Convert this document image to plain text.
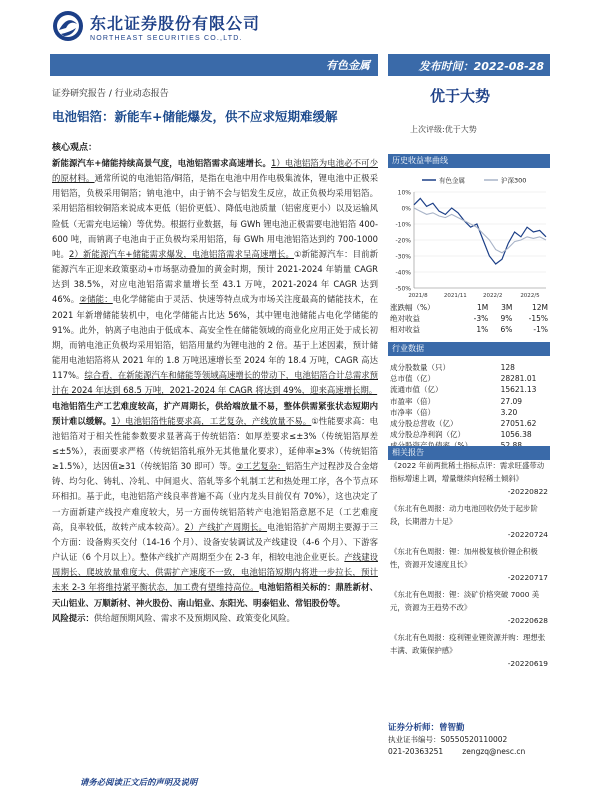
东北证券股份有限公司
NORTHEAST SECURITIES CO.,LTD.
有色金属	发布时间：2022-08-28
证券研究报告 / 行业动态报告
电池铝箔：新能车+储能爆发，供不应求短期难缓解
优于大势
上次评级:优于大势
核心观点：

新能源汽车+储能持续高景气度，电池铝箔需求高速增长。1）电池铝箔为电池必不可少的原材料。通常所说的电池铝箔/铜箔，是指在电池中用作电极集流体，锂电池中正极采用铝箔，负极采用铜箔；钠电池中，由于钠不会与铝发生反应，故正负极均采用铝箔。采用铝箔相较铜箔来说成本更低（铝价更低）、降低电池质量（铝密度更小）以及运输风险低（无需充电运输）等优势。根据行业数据，每 GWh 锂电池正极需要电池铝箔 400-600 吨，而钠离子电池由于正负极均采用铝箔，每 GWh 用电池铝箔达到约 700-1000 吨。2）新能源汽车+储能需求爆发，电池铝箔需求呈高速增长。①新能源汽车：目前新能源汽车正迎来政策驱动+市场驱动叠加的黄金时期，预计 2021-2024 年销量 CAGR 达到 38.5%，对应电池铝箔需求量增长至 43.1 万吨，2021-2024 年 CAGR 达到 46%。②储能：电化学储能由于灵活、快速等特点成为市场关注度最高的储能技术，在 2021 年新增储能装机中，电化学储能占比达 56%，其中锂电池储能占电化学储能的 91%。此外，钠离子电池由于低成本、高安全性在储能领域的商业化应用正处于成长初期，而钠电池正负极均采用铝箔，铝箔用量约为锂电池的 2 倍。基于上述因素，预计储能用电池铝箔将从 2021 年的 1.8 万吨迅速增长至 2024 年的 18.4 万吨，CAGR 高达 117%。综合看，在新能源汽车和储能等领域高速增长的带动下，电池铝箔合计总需求预计在 2024 年达到 68.5 万吨，2021-2024 年 CAGR 将达到 49%，迎来高速增长期。

电池铝箔生产工艺难度较高，扩产周期长，供给端放量不易，整体供需紧张状态短期内预计难以缓解。1）电池铝箔性能要求高，工艺复杂，产线放量不易。①性能要求高：电池铝箔对于相关性能参数要求显著高于传统铝箔：如厚差要求≤±3%（传统铝箔厚差≤±5%），表面要求严格（传统铝箔轧痕外无其他量化要求），延伸率≥3%（传统铝箔≥1.5%），达因值≥31（传统铝箔 30 即可）等。②工艺复杂：铝箔生产过程涉及合金熔铸、均匀化、铸轧、冷轧、中间退火、箔轧等多个轧制工艺和热处理工序，各个节点环环相扣。基于此，电池铝箔产线良率普遍不高（业内龙头目前仅有 70%），这也决定了一方面新建产线投产难度较大，另一方面传统铝箔转产电池铝箔意愿不足（工艺难度高，良率较低，故转产成本较高）。2）产线扩产周期长。电池铝箔扩产周期主要源于三个方面：设备购买交付（14-16 个月）、设备安装调试及产线建设（4-6 个月）、下游客户认证（6 个月以上）。整体产线扩产周期至少在 2-3 年，相较电池企业更长。产线建设周期长、爬坡放量难度大、供需扩产速度不一致，电池铝箔短期内将进一步拉长，预计未来 2-3 年将维持紧平衡状态，加工费有望维持高位。电池铝箔相关标的：鼎胜新材、天山铝业、万顺新材、神火股份、南山铝业、东阳光、明泰铝业、常铝股份等。

风险提示：供给超预期风险、需求不及预期风险、政策变化风险。

历史收益率曲线
10%
0%
-10%
-20%
-30%
-40%
-50%
2021/8	2021/11	2022/2	2022/5
有色金属	沪深300
涨跌幅（%）	1M	3M	12M
绝对收益	-3%	9%	-15%
相对收益	1%	6%	-1%
行业数据
成分股数量（只）	128
总市值（亿）	28281.01
流通市值（亿）	15621.13
市盈率（倍）	27.09
市净率（倍）	3.20
成分股总营收（亿）	27051.62
成分股总净利润（亿）	1056.38

相关报告
《2022 年前两批稀土指标点评：需求旺盛带动指标增速上调，增量继续向轻稀土倾斜》
-20220822
《东北有色周报：动力电池回收仍处于起步阶段，长期潜力十足》
-20220724
《东北有色周报：锂：加州极复核价锂企积极性，资源开发速度且长》
-20220717
《东北有色周报：锂：淡矿价格突破 7000 美元，资源为王趋势不改》
-20220628
《东北有色周报：疫利锂业锂资源并购：理想张丰满、政策保护感》
-20220619
证券分析师：曾智勤
执业证书编号：S0550520110002
021-20363251	zengzq@nesc.cn
请务必阅读正文后的声明及说明
